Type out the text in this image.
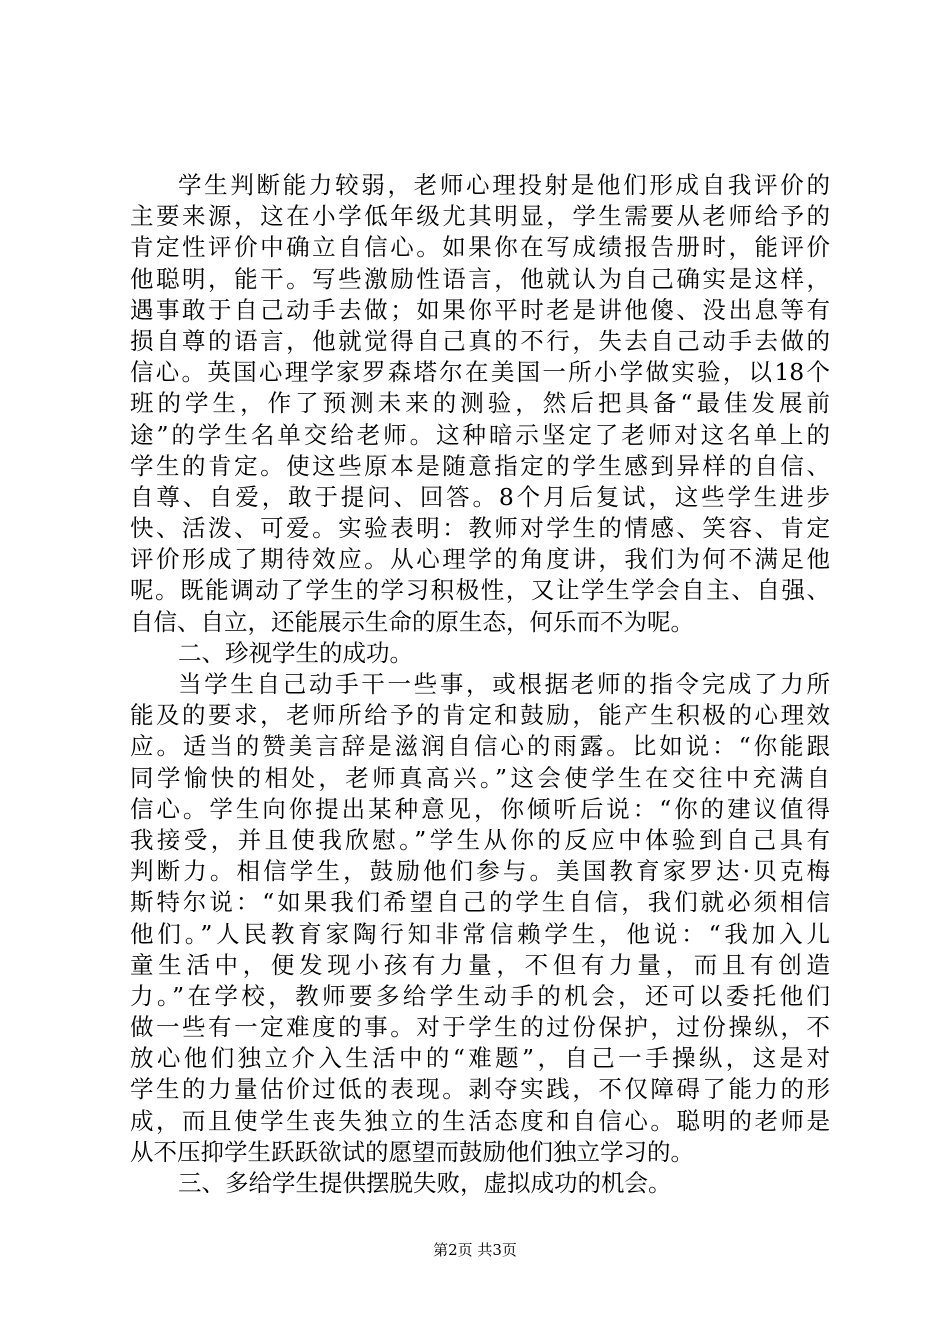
学生判断能力较弱，老师心理投射是他们形成自我评价的
主要来源，这在小学低年级尤其明显，学生需要从老师给予的
肯定性评价中确立自信心。如果你在写成绩报告册时，能评价
他聪明，能干。写些激励性语言，他就认为自己确实是这样，
遇事敢于自己动手去做；如果你平时老是讲他傻、没出息等有
损自尊的语言，他就觉得自己真的不行，失去自己动手去做的
信心。英国心理学家罗森塔尔在美国一所小学做实验，以18个
班的学生，作了预测未来的测验，然后把具备“最佳发展前
途”的学生名单交给老师。这种暗示坚定了老师对这名单上的
学生的肯定。使这些原本是随意指定的学生感到异样的自信、
自尊、自爱，敢于提问、回答。8个月后复试，这些学生进步
快、活泼、可爱。实验表明：教师对学生的情感、笑容、肯定
评价形成了期待效应。从心理学的角度讲，我们为何不满足他
呢。既能调动了学生的学习积极性，又让学生学会自主、自强、
自信、自立，还能展示生命的原生态，何乐而不为呢。
二、珍视学生的成功。
当学生自己动手干一些事，或根据老师的指令完成了力所
能及的要求，老师所给予的肯定和鼓励，能产生积极的心理效
应。适当的赞美言辞是滋润自信心的雨露。比如说：“你能跟
同学愉快的相处，老师真高兴。”这会使学生在交往中充满自
信心。学生向你提出某种意见，你倾听后说：“你的建议值得
我接受，并且使我欣慰。”学生从你的反应中体验到自己具有
判断力。相信学生，鼓励他们参与。美国教育家罗达·贝克梅
斯特尔说：“如果我们希望自己的学生自信，我们就必须相信
他们。”人民教育家陶行知非常信赖学生，他说：“我加入儿
童生活中，便发现小孩有力量，不但有力量，而且有创造
力。”在学校，教师要多给学生动手的机会，还可以委托他们
做一些有一定难度的事。对于学生的过份保护，过份操纵，不
放心他们独立介入生活中的“难题”，自己一手操纵，这是对
学生的力量估价过低的表现。剥夺实践，不仅障碍了能力的形
成，而且使学生丧失独立的生活态度和自信心。聪明的老师是
从不压抑学生跃跃欲试的愿望而鼓励他们独立学习的。
三、多给学生提供摆脱失败，虚拟成功的机会。
第2页 共3页
